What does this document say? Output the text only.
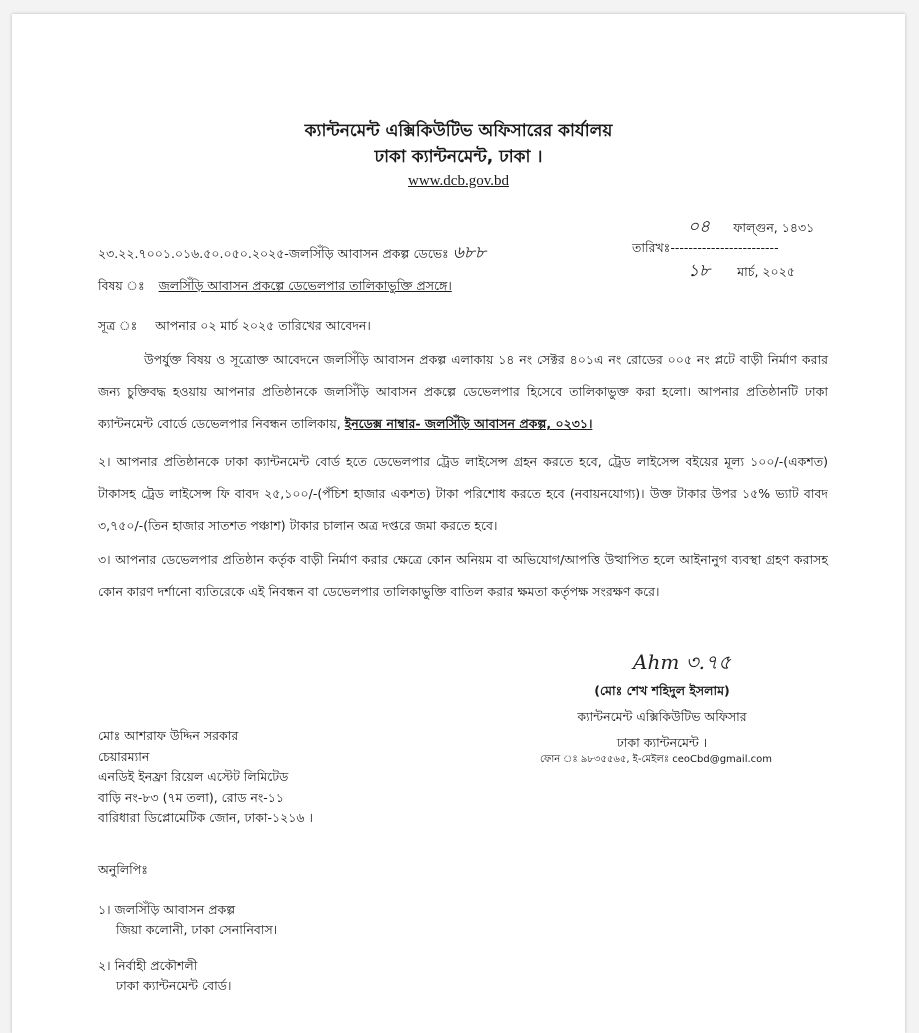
ক্যান্টনমেন্ট এক্সিকিউটিভ অফিসারের কার্যালয়
ঢাকা ক্যান্টনমেন্ট, ঢাকা ।
www.dcb.gov.bd
২৩.২২.৭০০১.০১৬.৫০.০৫০.২০২৫-জলসিঁড়ি আবাসন প্রকল্প ডেভেঃ ৬৮৮
০৪ ফাল্গুন, ১৪৩১
তারিখঃ------------------------
১৮ মার্চ, ২০২৫
বিষয় ঃ জলসিঁড়ি আবাসন প্রকল্পে ডেভেলপার তালিকাভুক্তি প্রসঙ্গে।
সূত্র ঃ আপনার ০২ মার্চ ২০২৫ তারিখের আবেদন।
উপর্যুক্ত বিষয় ও সূত্রোক্ত আবেদনে জলসিঁড়ি আবাসন প্রকল্প এলাকায় ১৪ নং সেক্টর ৪০১এ নং রোডের ০০৫ নং প্লটে বাড়ী নির্মাণ করার জন্য চুক্তিবদ্ধ হওয়ায় আপনার প্রতিষ্ঠানকে জলসিঁড়ি আবাসন প্রকল্পে ডেভেলপার হিসেবে তালিকাভুক্ত করা হলো। আপনার প্রতিষ্ঠানটি ঢাকা ক্যান্টনমেন্ট বোর্ডে ডেভেলপার নিবন্ধন তালিকায়, ইনডেক্স নাম্বার- জলসিঁড়ি আবাসন প্রকল্প, ০২৩১।
২। আপনার প্রতিষ্ঠানকে ঢাকা ক্যান্টনমেন্ট বোর্ড হতে ডেভেলপার ট্রেড লাইসেন্স গ্রহন করতে হবে, ট্রেড লাইসেন্স বইয়ের মূল্য ১০০/-(একশত) টাকাসহ ট্রেড লাইসেন্স ফি বাবদ ২৫,১০০/-(পঁচিশ হাজার একশত) টাকা পরিশোধ করতে হবে (নবায়নযোগ্য)। উক্ত টাকার উপর ১৫% ভ্যাট বাবদ ৩,৭৫০/-(তিন হাজার সাতশত পঞ্চাশ) টাকার চালান অত্র দপ্তরে জমা করতে হবে।
৩। আপনার ডেভেলপার প্রতিষ্ঠান কর্তৃক বাড়ী নির্মাণ করার ক্ষেত্রে কোন অনিয়ম বা অভিযোগ/আপত্তি উত্থাপিত হলে আইনানুগ ব্যবস্থা গ্রহণ করাসহ কোন কারণ দর্শানো ব্যতিরেকে এই নিবন্ধন বা ডেভেলপার তালিকাভুক্তি বাতিল করার ক্ষমতা কর্তৃপক্ষ সংরক্ষণ করে।
Ahm ৩.৭৫
(মোঃ শেখ শহিদুল ইসলাম)
ক্যান্টনমেন্ট এক্সিকিউটিভ অফিসার
ঢাকা ক্যান্টনমেন্ট ।
ফোন ঃ ৯৮৩৫৫৬৫, ই-মেইলঃ ceoCbd@gmail.com
মোঃ আশরাফ উদ্দিন সরকার
চেয়ারম্যান
এনডিই ইনফ্রা রিয়েল এস্টেট লিমিটেড
বাড়ি নং-৮৩ (৭ম তলা), রোড নং-১১
বারিধারা ডিপ্লোমেটিক জোন, ঢাকা-১২১৬ ।
অনুলিপিঃ
১। জলসিঁড়ি আবাসন প্রকল্প
জিয়া কলোনী, ঢাকা সেনানিবাস।
২। নির্বাহী প্রকৌশলী
ঢাকা ক্যান্টনমেন্ট বোর্ড।
